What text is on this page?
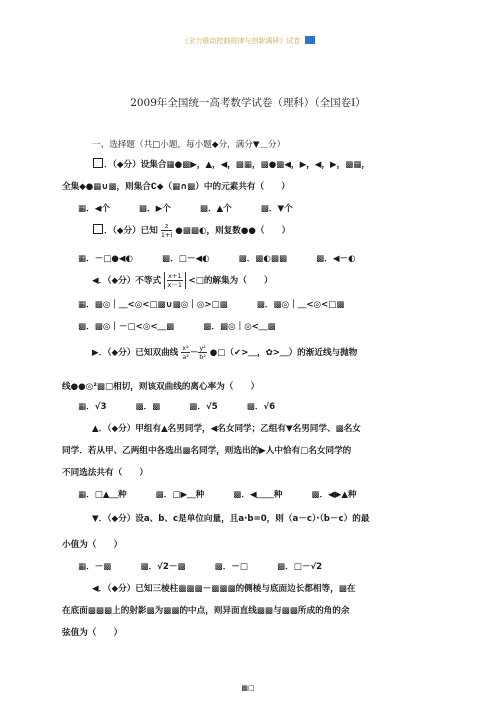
《全力推动控制规律与创新调研》试卷
2009年全国统一高考数学试卷（理科）（全国卷Ⅰ）
一、选择题（共□小题，每小题◆分，满分▼＿分）
．（◆分）设集合▦●▩▶，▲，◀，▩▦，▩●▩◀，▶，◀，▶，▩▦，
全集◆●▦∪▩，则集合∁◆（▦∩▩）中的元素共有（　　）
▦．◀个	▩．▶个	▩．▲个	▩．▼个
．（◆分）已知 $\frac{z}{1+i}$ ●▩▩◐，则复数●●（　　）
▦．－□●◀◐	▩．□－◀◐	▩．▩◐▩▩	▩．◀－◐
◀．（◆分）不等式 $\frac{x+1}{x-1}$ <□的解集为（　　）
▦．▩◎｜＿<◎<□▩∪▩◎｜◎>□▩	▩．▩◎｜＿<◎<□▩
▩．▩◎｜－□<◎<＿▩	▩．▩◎｜◎<＿▩
▶．（◆分）已知双曲线 $\frac{\text{x²}}{\text{a²}} - \frac{\text{y²}}{\text{b²}}$ ●□（✔>＿，✿>＿）的渐近线与抛物
线●●◎²▩□相切，则该双曲线的离心率为（　　）
▦．√3	▩．▩	▩．√5	▩．√6
▲．（◆分）甲组有▲名男同学，◀名女同学；乙组有▼名男同学、▩名女
同学．若从甲、乙两组中各选出▩名同学，则选出的▶人中恰有□名女同学的
不同选法共有（　　）
▦．□▲＿种	▩．□▶＿种	▩．◀＿＿种	▩．◀▶▲种
▼．（◆分）设a、b、c是单位向量，且a·b=0，则（a－c）·（b－c）的最
小值为（　　）
▦．－▩	▩．√2－▩	▩．－□	▩．□－√2
◀．（◆分）已知三棱柱▩▩▩－▩▩▩的侧棱与底面边长都相等，▩在
在底面▩▩▩上的射影▩为▩▩的中点，则异面直线▩▩与▩▩所成的角的余
弦值为（　　）
▩□
